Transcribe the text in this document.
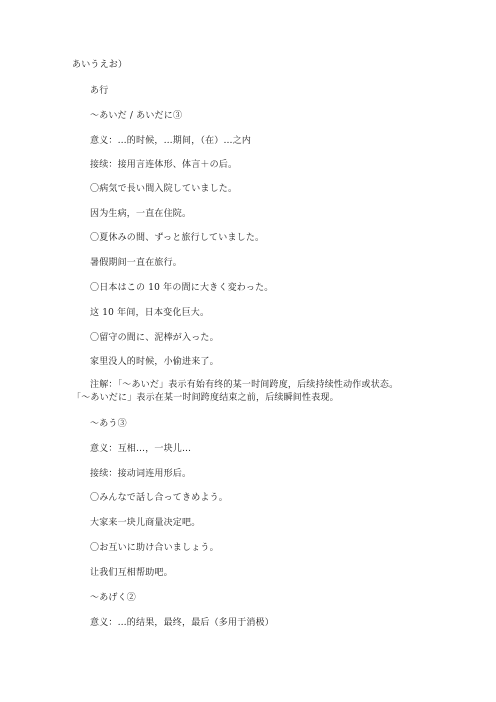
あいうえお）
あ行
～あいだ / あいだに③
意义：…的时候，…期间，（在）…之内
接续：接用言连体形、体言＋の后。
〇病気で長い間入院していました。
因为生病，一直在住院。
〇夏休みの間、ずっと旅行していました。
暑假期间一直在旅行。
〇日本はこの 10 年の間に大きく変わった。
这 10 年间，日本变化巨大。
〇留守の間に、泥棒が入った。
家里没人的时候，小偷进来了。
注解：「～あいだ」表示有始有终的某一时间跨度，后续持续性动作或状态。
「～あいだに」表示在某一时间跨度结束之前，后续瞬间性表现。
～あう③
意义：互相…，一块儿…
接续：接动词连用形后。
〇みんなで話し合ってきめよう。
大家来一块儿商量决定吧。
〇お互いに助け合いましょう。
让我们互相帮助吧。
～あげく②
意义：…的结果，最终，最后（多用于消极）
